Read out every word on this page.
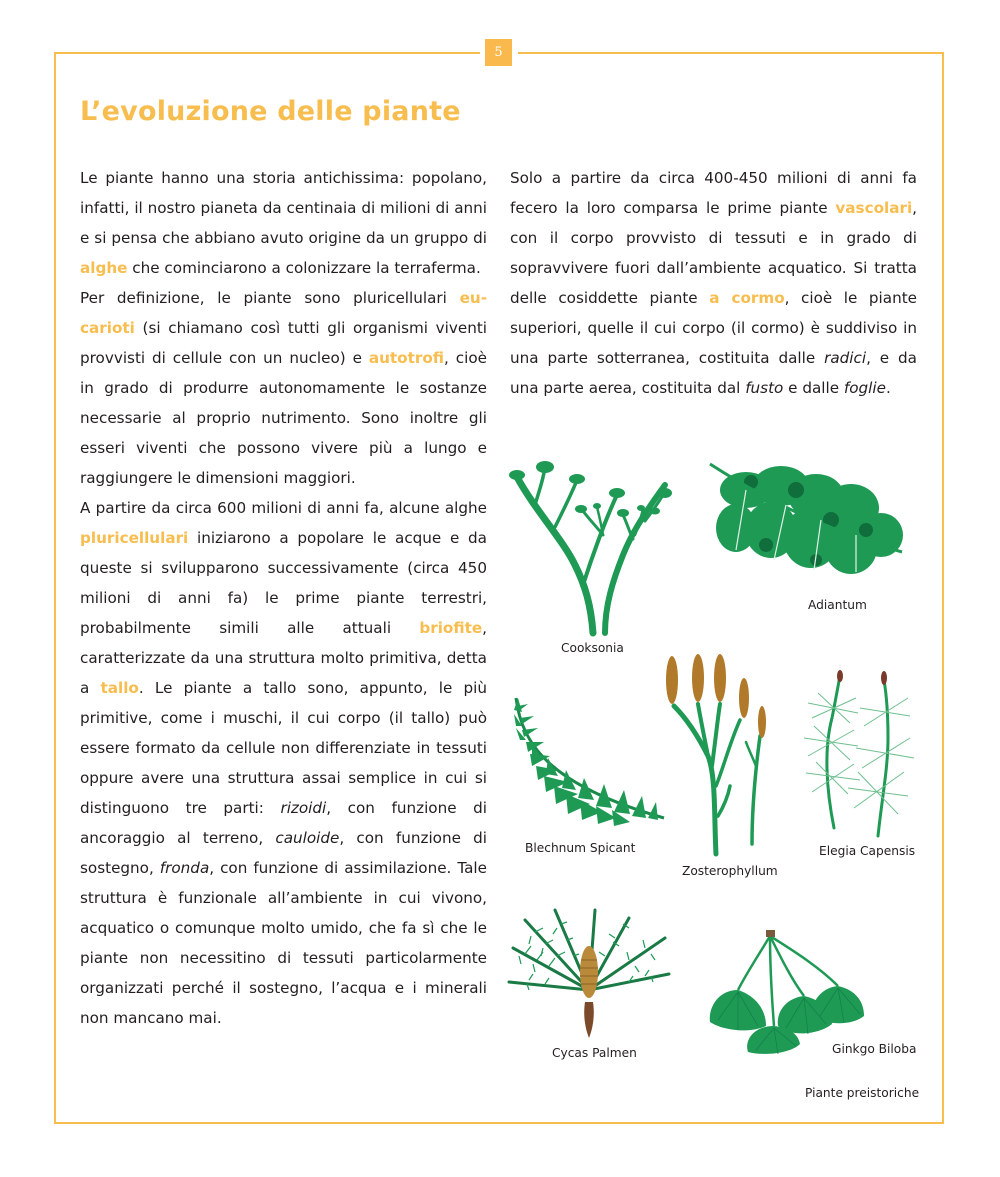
5
L’evoluzione delle piante

Le piante hanno una storia antichissima: popolano, infatti, il nostro pianeta da centinaia di milioni di anni e si pensa che abbiano avuto origine da un gruppo di alghe che cominciarono a colonizzare la terraferma.

Per definizione, le piante sono pluricellulari eucarioti (si chiamano così tutti gli organismi viventi provvisti di cellule con un nucleo) e autotrofi, cioè in grado di produrre autonomamente le sostanze necessarie al proprio nutrimento. Sono inoltre gli esseri viventi che possono vivere più a lungo e raggiungere le dimensioni maggiori.

A partire da circa 600 milioni di anni fa, alcune alghe pluricellulari iniziarono a popolare le acque e da queste si svilupparono successivamente (circa 450 milioni di anni fa) le prime piante terrestri, probabilmente simili alle attuali briofite, caratterizzate da una struttura molto primitiva, detta a tallo. Le piante a tallo sono, appunto, le più primitive, come i muschi, il cui corpo (il tallo) può essere formato da cellule non differenziate in tessuti oppure avere una struttura assai semplice in cui si distinguono tre parti: rizoidi, con funzione di ancoraggio al terreno, cauloide, con funzione di sostegno, fronda, con funzione di assimilazione. Tale struttura è funzionale all’ambiente in cui vivono, acquatico o comunque molto umido, che fa sì che le piante non necessitino di tessuti particolarmente organizzati perché il sostegno, l’acqua e i minerali non mancano mai.

Solo a partire da circa 400-450 milioni di anni fa fecero la loro comparsa le prime piante vascolari, con il corpo provvisto di tessuti e in grado di sopravvivere fuori dall’ambiente acquatico. Si tratta delle cosiddette piante a cormo, cioè le piante superiori, quelle il cui corpo (il cormo) è suddiviso in una parte sotterranea, costituita dalle radici, e da una parte aerea, costituita dal fusto e dalle foglie.

Cooksonia
Adiantum
Blechnum Spicant
Zosterophyllum
Elegia Capensis
Cycas Palmen	Ginkgo Biloba
Piante preistoriche
